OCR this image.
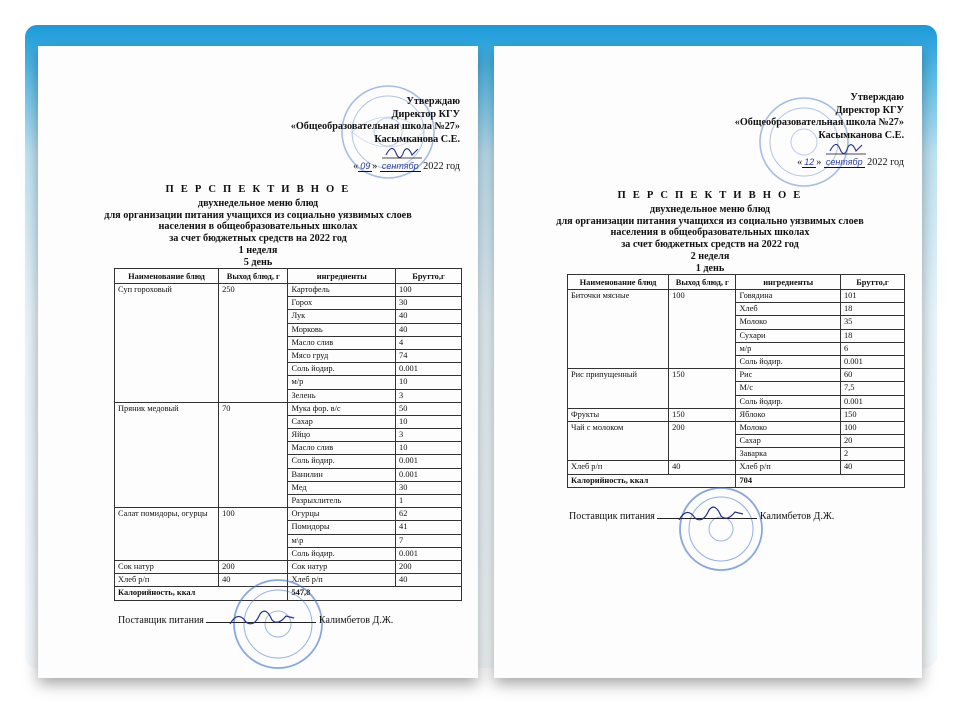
Утверждаю
Директор КГУ
«Общеобразовательная школа №27»
Касымканова С.Е.
« 09 » сентябр 2022 год
П Е Р С П Е К Т И В Н О Е
двухнедельное меню блюд
для организации питания учащихся из социально уязвимых слоев
населения в общеобразовательных школах
за счет бюджетных средств на 2022 год
1 неделя
5 день
Наименование блюд	Выход блюд, г	ингредиенты	Брутто,г
Суп гороховый	250	Картофель	100
		Горох	30
		Лук	40
		Морковь	40
		Масло слив	4
		Мясо груд	74
		Соль йодир.	0.001
		м/р	10
		Зелень	3
Пряник медовый	70	Мука фор. в/с	50
		Сахар	10
		Яйцо	3
		Масло слив	10
		Соль йодир.	0.001
		Ванилин	0.001
		Мед	30
		Разрыхлитель	1
Салат помидоры, огурцы	100	Огурцы	62
		Помидоры	41
		м\р	7
		Соль йодир.	0.001
Сок натур	200	Сок натур	200
Хлеб р/п	40	Хлеб р/п	40
Калорийность, ккал		547,8	
Поставщик питания	Калимбетов Д.Ж.
Утверждаю
Директор КГУ
«Общеобразовательная школа №27»
Касымканова С.Е.
« 12 » сентябр 2022 год
П Е Р С П Е К Т И В Н О Е
двухнедельное меню блюд
для организации питания учащихся из социально уязвимых слоев
населения в общеобразовательных школах
за счет бюджетных средств на 2022 год
2 неделя
1 день
Наименование блюд	Выход блюд, г	ингредиенты	Брутто,г
Биточки мясные	100	Говядина	101
		Хлеб	18
		Молоко	35
		Сухари	18
		м/р	6
		Соль йодир.	0.001
Рис припущенный	150	Рис	60
		М/с	7,5
		Соль йодир.	0.001
Фрукты	150	Яблоко	150
Чай с молоком	200	Молоко	100
		Сахар	20
		Заварка	2
Хлеб р/п	40	Хлеб р/п	40
Калорийность, ккал		704	
Поставщик питания	Калимбетов Д.Ж.
